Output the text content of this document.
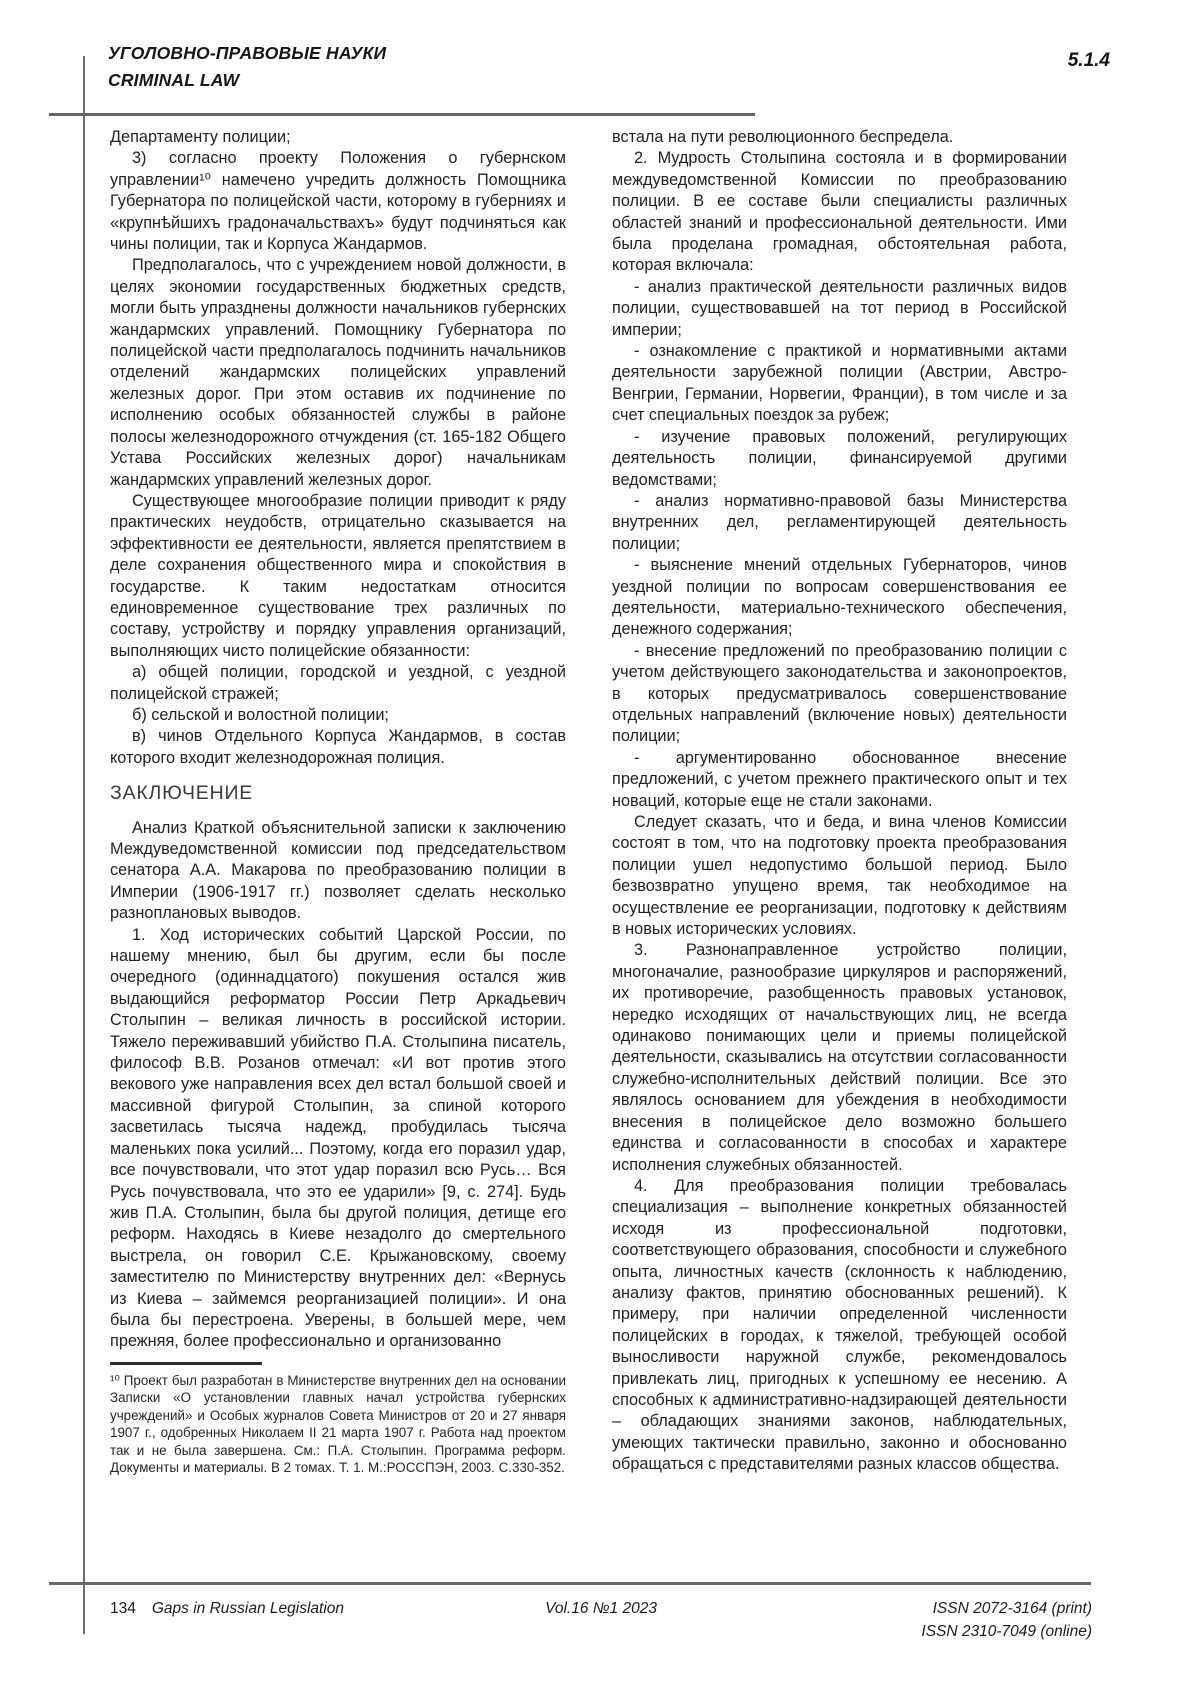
УГОЛОВНО-ПРАВОВЫЕ НАУКИ
CRIMINAL LAW
5.1.4

Департаменту полиции;

3) согласно проекту Положения о губернском управлении¹⁰ намечено учредить должность Помощника Губернатора по полицейской части, которому в губерниях и «крупнѣйшихъ градоначальствахъ» будут подчиняться как чины полиции, так и Корпуса Жандармов.

Предполагалось, что с учреждением новой должности, в целях экономии государственных бюджетных средств, могли быть упразднены должности начальников губернских жандармских управлений. Помощнику Губернатора по полицейской части предполагалось подчинить начальников отделений жандармских полицейских управлений железных дорог. При этом оставив их подчинение по исполнению особых обязанностей службы в районе полосы железнодорожного отчуждения (ст. 165-182 Общего Устава Российских железных дорог) начальникам жандармских управлений железных дорог.

Существующее многообразие полиции приводит к ряду практических неудобств, отрицательно сказывается на эффективности ее деятельности, является препятствием в деле сохранения общественного мира и спокойствия в государстве. К таким недостаткам относится единовременное существование трех различных по составу, устройству и порядку управления организаций, выполняющих чисто полицейские обязанности:

а) общей полиции, городской и уездной, с уездной полицейской стражей;

б) сельской и волостной полиции;

в) чинов Отдельного Корпуса Жандармов, в состав которого входит железнодорожная полиция.

ЗАКЛЮЧЕНИЕ

Анализ Краткой объяснительной записки к заключению Междуведомственной комиссии под председательством сенатора А.А. Макарова по преобразованию полиции в Империи (1906-1917 гг.) позволяет сделать несколько разноплановых выводов.

1. Ход исторических событий Царской России, по нашему мнению, был бы другим, если бы после очередного (одиннадцатого) покушения остался жив выдающийся реформатор России Петр Аркадьевич Столыпин – великая личность в российской истории. Тяжело переживавший убийство П.А. Столыпина писатель, философ В.В. Розанов отмечал: «И вот против этого векового уже направления всех дел встал большой своей и массивной фигурой Столыпин, за спиной которого засветилась тысяча надежд, пробудилась тысяча маленьких пока усилий... Поэтому, когда его поразил удар, все почувствовали, что этот удар поразил всю Русь… Вся Русь почувствовала, что это ее ударили» [9, с. 274]. Будь жив П.А. Столыпин, была бы другой полиция, детище его реформ. Находясь в Киеве незадолго до смертельного выстрела, он говорил С.Е. Крыжановскому, своему заместителю по Министерству внутренних дел: «Вернусь из Киева – займемся реорганизацией полиции». И она была бы перестроена. Уверены, в большей мере, чем прежняя, более профессионально и организованно

¹⁰ Проект был разработан в Министерстве внутренних дел на основании Записки «О установлении главных начал устройства губернских учреждений» и Особых журналов Совета Министров от 20 и 27 января 1907 г., одобренных Николаем II 21 марта 1907 г. Работа над проектом так и не была завершена. См.: П.А. Столыпин. Программа реформ. Документы и материалы. В 2 томах. Т. 1. М.:РОССПЭН, 2003. С.330-352.

встала на пути революционного беспредела.

2. Мудрость Столыпина состояла и в формировании междуведомственной Комиссии по преобразованию полиции. В ее составе были специалисты различных областей знаний и профессиональной деятельности. Ими была проделана громадная, обстоятельная работа, которая включала:

- анализ практической деятельности различных видов полиции, существовавшей на тот период в Российской империи;

- ознакомление с практикой и нормативными актами деятельности зарубежной полиции (Австрии, Австро-Венгрии, Германии, Норвегии, Франции), в том числе и за счет специальных поездок за рубеж;

- изучение правовых положений, регулирующих деятельность полиции, финансируемой другими ведомствами;

- анализ нормативно-правовой базы Министерства внутренних дел, регламентирующей деятельность полиции;

- выяснение мнений отдельных Губернаторов, чинов уездной полиции по вопросам совершенствования ее деятельности, материально-технического обеспечения, денежного содержания;

- внесение предложений по преобразованию полиции с учетом действующего законодательства и законопроектов, в которых предусматривалось совершенствование отдельных направлений (включение новых) деятельности полиции;

- аргументированно обоснованное внесение предложений, с учетом прежнего практического опыт и тех новаций, которые еще не стали законами.

Следует сказать, что и беда, и вина членов Комиссии состоят в том, что на подготовку проекта преобразования полиции ушел недопустимо большой период. Было безвозвратно упущено время, так необходимое на осуществление ее реорганизации, подготовку к действиям в новых исторических условиях.

3. Разнонаправленное устройство полиции, многоначалие, разнообразие циркуляров и распоряжений, их противоречие, разобщенность правовых установок, нередко исходящих от начальствующих лиц, не всегда одинаково понимающих цели и приемы полицейской деятельности, сказывались на отсутствии согласованности служебно-исполнительных действий полиции. Все это являлось основанием для убеждения в необходимости внесения в полицейское дело возможно большего единства и согласованности в способах и характере исполнения служебных обязанностей.

4. Для преобразования полиции требовалась специализация – выполнение конкретных обязанностей исходя из профессиональной подготовки, соответствующего образования, способности и служебного опыта, личностных качеств (склонность к наблюдению, анализу фактов, принятию обоснованных решений). К примеру, при наличии определенной численности полицейских в городах, к тяжелой, требующей особой выносливости наружной службе, рекомендовалось привлекать лиц, пригодных к успешному ее несению. А способных к административно-надзирающей деятельности – обладающих знаниями законов, наблюдательных, умеющих тактически правильно, законно и обоснованно обращаться с представителями разных классов общества.

134 Gaps in Russian Legislation	Vol.16 №1 2023	ISSN 2072-3164 (print)
ISSN 2310-7049 (online)
